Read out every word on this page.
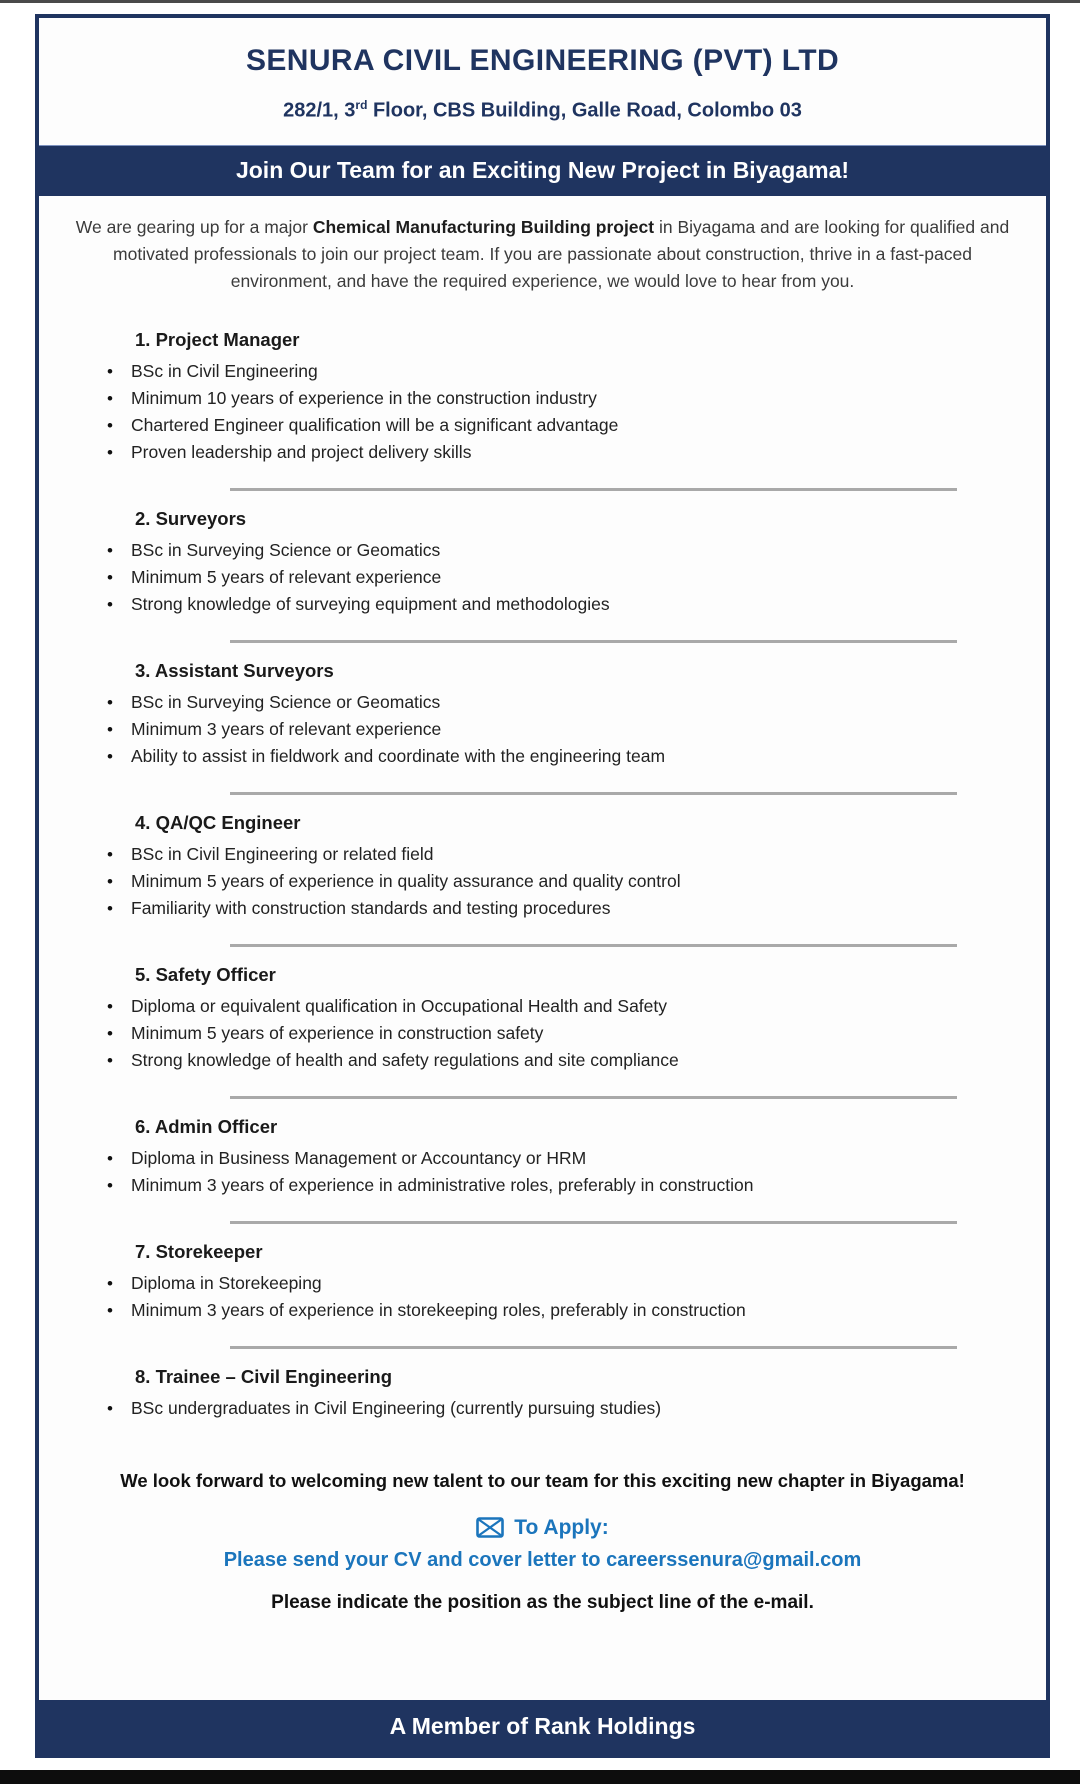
SENURA CIVIL ENGINEERING (PVT) LTD
282/1, 3rd Floor, CBS Building, Galle Road, Colombo 03
Join Our Team for an Exciting New Project in Biyagama!

We are gearing up for a major Chemical Manufacturing Building project in Biyagama and are looking for qualified and motivated professionals to join our project team. If you are passionate about construction, thrive in a fast-paced environment, and have the required experience, we would love to hear from you.

1. Project Manager
• BSc in Civil Engineering
• Minimum 10 years of experience in the construction industry
• Chartered Engineer qualification will be a significant advantage
• Proven leadership and project delivery skills
2. Surveyors
• BSc in Surveying Science or Geomatics
• Minimum 5 years of relevant experience
• Strong knowledge of surveying equipment and methodologies
3. Assistant Surveyors
• BSc in Surveying Science or Geomatics
• Minimum 3 years of relevant experience
• Ability to assist in fieldwork and coordinate with the engineering team
4. QA/QC Engineer
• BSc in Civil Engineering or related field
• Minimum 5 years of experience in quality assurance and quality control
• Familiarity with construction standards and testing procedures
5. Safety Officer
• Diploma or equivalent qualification in Occupational Health and Safety
• Minimum 5 years of experience in construction safety
• Strong knowledge of health and safety regulations and site compliance
6. Admin Officer
• Diploma in Business Management or Accountancy or HRM
• Minimum 3 years of experience in administrative roles, preferably in construction
7. Storekeeper
• Diploma in Storekeeping
• Minimum 3 years of experience in storekeeping roles, preferably in construction
8. Trainee – Civil Engineering
• BSc undergraduates in Civil Engineering (currently pursuing studies)

We look forward to welcoming new talent to our team for this exciting new chapter in Biyagama!

To Apply:

Please send your CV and cover letter to careerssenura@gmail.com

Please indicate the position as the subject line of the e-mail.

A Member of Rank Holdings
